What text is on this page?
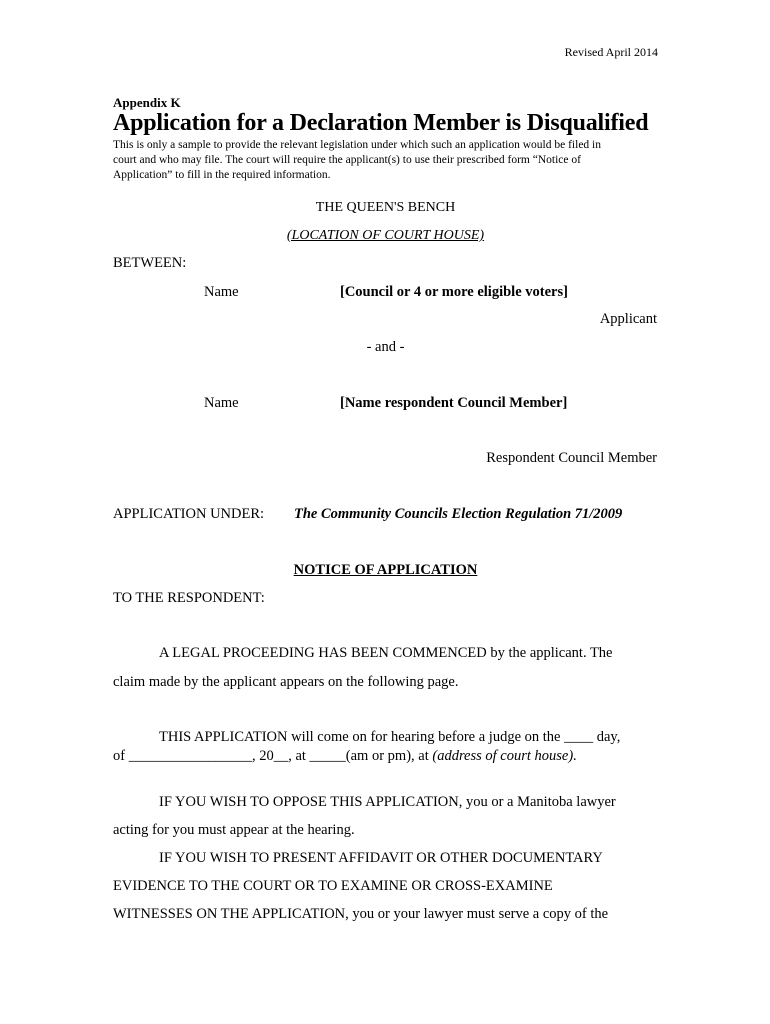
Revised April 2014
Appendix K
Application for a Declaration Member is Disqualified
This is only a sample to provide the relevant legislation under which such an application would be filed in
court and who may file. The court will require the applicant(s) to use their prescribed form “Notice of
Application” to fill in the required information.
THE QUEEN'S BENCH
(LOCATION OF COURT HOUSE)
BETWEEN:
Name	[Council or 4 or more eligible voters]
Applicant
- and -
Name	[Name respondent Council Member]
Respondent Council Member
APPLICATION UNDER: The Community Councils Election Regulation 71/2009
NOTICE OF APPLICATION
TO THE RESPONDENT:
A LEGAL PROCEEDING HAS BEEN COMMENCED by the applicant. The
claim made by the applicant appears on the following page.
THIS APPLICATION will come on for hearing before a judge on the ____ day,
of _________________, 20__, at _____(am or pm), at (address of court house).
IF YOU WISH TO OPPOSE THIS APPLICATION, you or a Manitoba lawyer
acting for you must appear at the hearing.
IF YOU WISH TO PRESENT AFFIDAVIT OR OTHER DOCUMENTARY
EVIDENCE TO THE COURT OR TO EXAMINE OR CROSS-EXAMINE
WITNESSES ON THE APPLICATION, you or your lawyer must serve a copy of the
